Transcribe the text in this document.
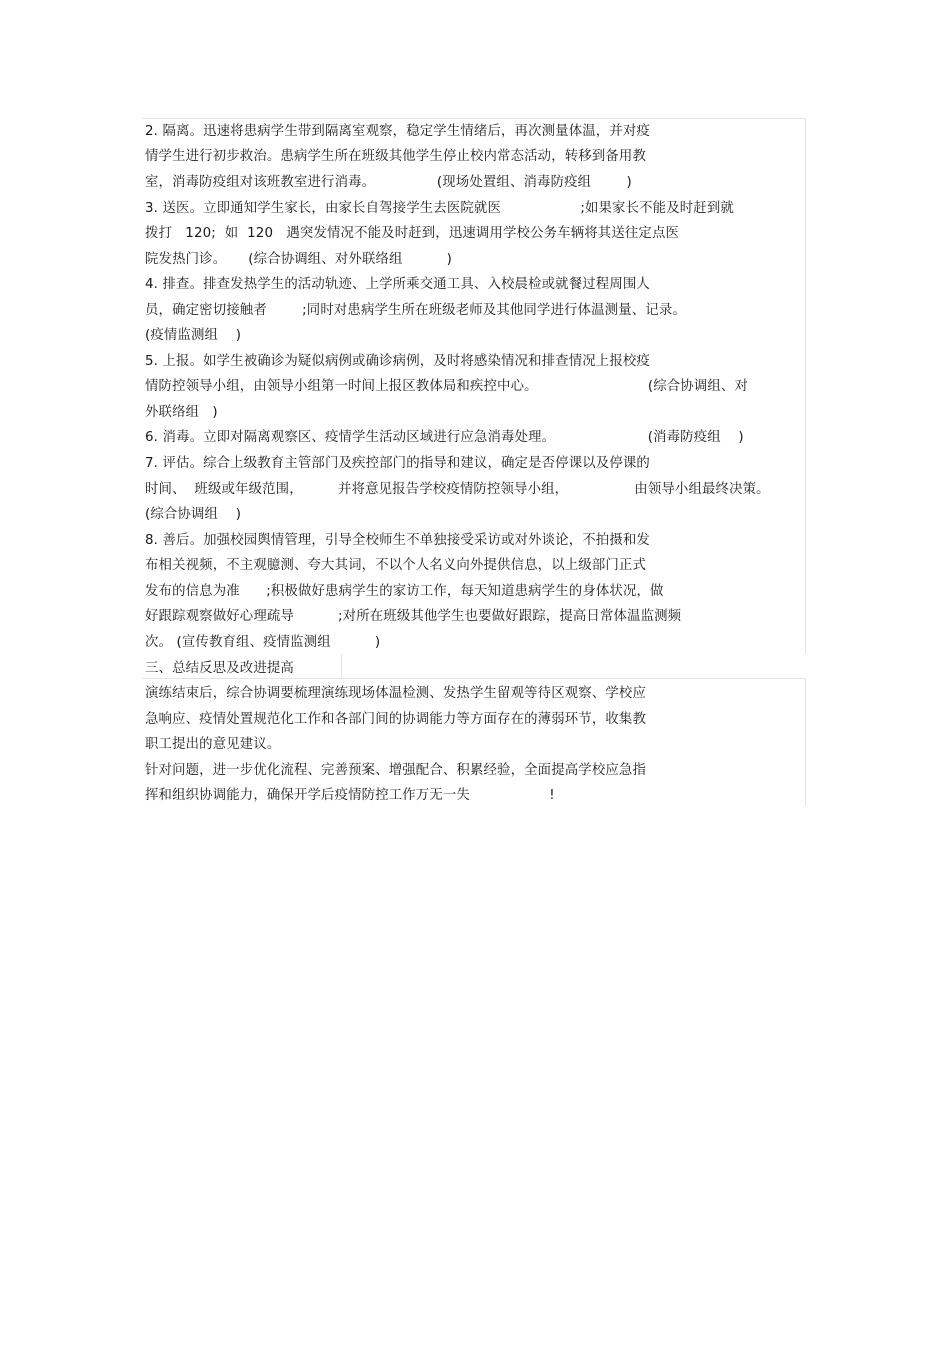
2. 隔离。迅速将患病学生带到隔离室观察，稳定学生情绪后，再次测量体温，并对疫
情学生进行初步救治。患病学生所在班级其他学生停止校内常态活动，转移到备用教
室，消毒防疫组对该班教室进行消毒。              (现场处置组、消毒防疫组        )
3. 送医。立即通知学生家长，由家长自驾接学生去医院就医                  ;如果家长不能及时赶到就
拨打   120;  如  120   遇突发情况不能及时赶到，迅速调用学校公务车辆将其送往定点医
院发热门诊。     (综合协调组、对外联络组          )
4. 排查。排查发热学生的活动轨迹、上学所乘交通工具、入校晨检或就餐过程周围人
员，确定密切接触者        ;同时对患病学生所在班级老师及其他同学进行体温测量、记录。
(疫情监测组    )
5. 上报。如学生被确诊为疑似病例或确诊病例，及时将感染情况和排查情况上报校疫
情防控领导小组，由领导小组第一时间上报区教体局和疾控中心。                         (综合协调组、对
外联络组   )
6. 消毒。立即对隔离观察区、疫情学生活动区域进行应急消毒处理。                     (消毒防疫组    )
7. 评估。综合上级教育主管部门及疾控部门的指导和建议，确定是否停课以及停课的
时间、  班级或年级范围，        并将意见报告学校疫情防控领导小组，               由领导小组最终决策。
(综合协调组    )
8. 善后。加强校园舆情管理，引导全校师生不单独接受采访或对外谈论，不拍摄和发
布相关视频，不主观臆测、夸大其词，不以个人名义向外提供信息，以上级部门正式
发布的信息为准      ;积极做好患病学生的家访工作，每天知道患病学生的身体状况，做
好跟踪观察做好心理疏导          ;对所在班级其他学生也要做好跟踪，提高日常体温监测频
次。 (宣传教育组、疫情监测组          )
三、总结反思及改进提高
演练结束后，综合协调要梳理演练现场体温检测、发热学生留观等待区观察、学校应
急响应、疫情处置规范化工作和各部门间的协调能力等方面存在的薄弱环节，收集教
职工提出的意见建议。
针对问题，进一步优化流程、完善预案、增强配合、积累经验，全面提高学校应急指
挥和组织协调能力，确保开学后疫情防控工作万无一失                  !
